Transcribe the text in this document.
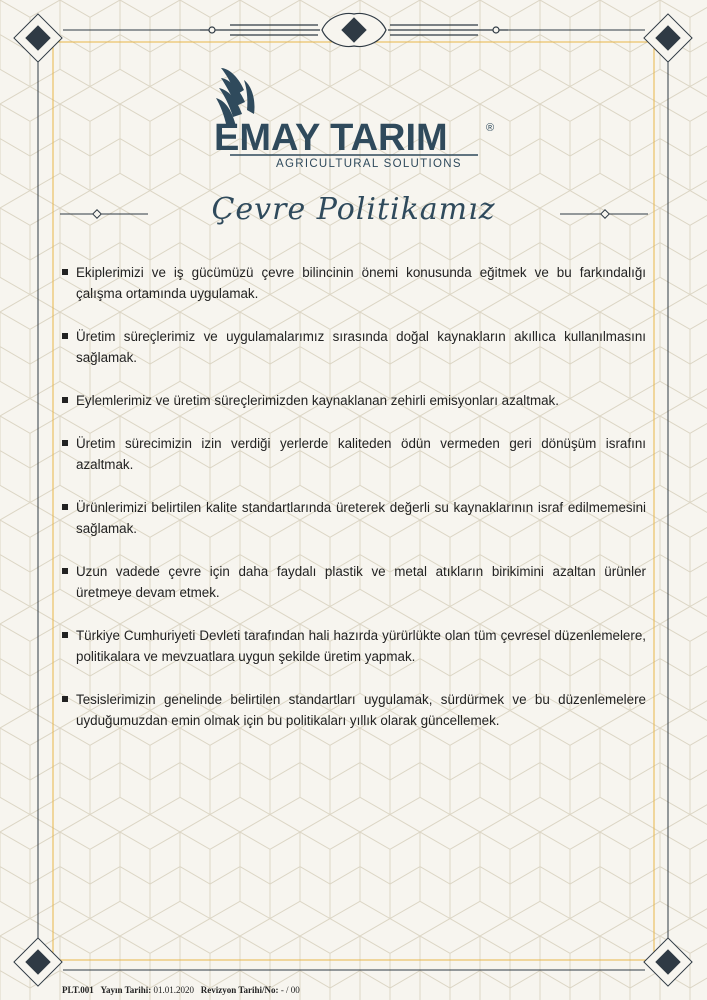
EMAY TARIM	®
AGRICULTURAL SOLUTIONS
Çevre Politikamız
Ekiplerimizi ve iş gücümüzü çevre bilincinin önemi konusunda eğitmek ve bu farkındalığı çalışma ortamında uygulamak.
Üretim süreçlerimiz ve uygulamalarımız sırasında doğal kaynakların akıllıca kullanılmasını sağlamak.
Eylemlerimiz ve üretim süreçlerimizden kaynaklanan zehirli emisyonları azaltmak.
Üretim sürecimizin izin verdiği yerlerde kaliteden ödün vermeden geri dönüşüm israfını azaltmak.
Ürünlerimizi belirtilen kalite standartlarında üreterek değerli su kaynaklarının israf edilmemesini sağlamak.
Uzun vadede çevre için daha faydalı plastik ve metal atıkların birikimini azaltan ürünler üretmeye devam etmek.
Türkiye Cumhuriyeti Devleti tarafından hali hazırda yürürlükte olan tüm çevresel düzenlemelere, politikalara ve mevzuatlara uygun şekilde üretim yapmak.
Tesislerimizin genelinde belirtilen standartları uygulamak, sürdürmek ve bu düzenlemelere uyduğumuzdan emin olmak için bu politikaları yıllık olarak güncellemek.
PLT.001 Yayın Tarihi: 01.01.2020 Revizyon Tarihi/No: - / 00
